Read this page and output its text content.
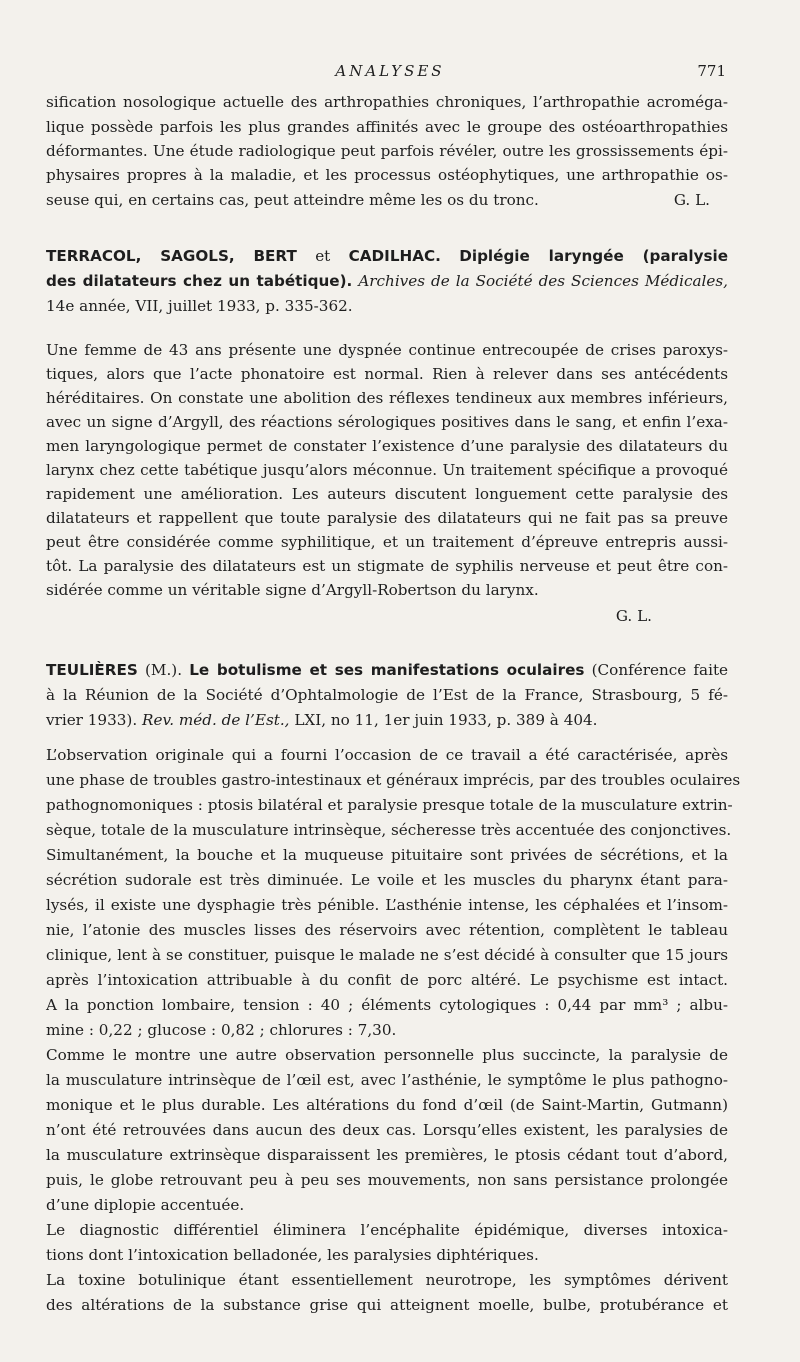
ANALYSES	771
sification nosologique actuelle des arthropathies chroniques, l’arthropathie acroméga-
lique possède parfois les plus grandes affinités avec le groupe des ostéoarthropathies
déformantes. Une étude radiologique peut parfois révéler, outre les grossissements épi-
physaires propres à la maladie, et les processus ostéophytiques, une arthropathie os-
seuse qui, en certains cas, peut atteindre même les os du tronc.	G. L.
TERRACOL, SAGOLS, BERT et CADILHAC. Diplégie laryngée (paralysie
des dilatateurs chez un tabétique). Archives de la Société des Sciences Médicales,
14e année, VII, juillet 1933, p. 335-362.
Une femme de 43 ans présente une dyspnée continue entrecoupée de crises paroxys-
tiques, alors que l’acte phonatoire est normal. Rien à relever dans ses antécédents
héréditaires. On constate une abolition des réflexes tendineux aux membres inférieurs,
avec un signe d’Argyll, des réactions sérologiques positives dans le sang, et enfin l’exa-
men laryngologique permet de constater l’existence d’une paralysie des dilatateurs du
larynx chez cette tabétique jusqu’alors méconnue. Un traitement spécifique a provoqué
rapidement une amélioration. Les auteurs discutent longuement cette paralysie des
dilatateurs et rappellent que toute paralysie des dilatateurs qui ne fait pas sa preuve
peut être considérée comme syphilitique, et un traitement d’épreuve entrepris aussi-
tôt. La paralysie des dilatateurs est un stigmate de syphilis nerveuse et peut être con-
sidérée comme un véritable signe d’Argyll-Robertson du larynx.
G. L.
TEULIÈRES (M.). Le botulisme et ses manifestations oculaires (Conférence faite
à la Réunion de la Société d’Ophtalmologie de l’Est de la France, Strasbourg, 5 fé-
vrier 1933). Rev. méd. de l’Est., LXI, no 11, 1er juin 1933, p. 389 à 404.
L’observation originale qui a fourni l’occasion de ce travail a été caractérisée, après
une phase de troubles gastro-intestinaux et généraux imprécis, par des troubles oculaires
pathognomoniques : ptosis bilatéral et paralysie presque totale de la musculature extrin-
sèque, totale de la musculature intrinsèque, sécheresse très accentuée des conjonctives.
Simultanément, la bouche et la muqueuse pituitaire sont privées de sécrétions, et la
sécrétion sudorale est très diminuée. Le voile et les muscles du pharynx étant para-
lysés, il existe une dysphagie très pénible. L’asthénie intense, les céphalées et l’insom-
nie, l’atonie des muscles lisses des réservoirs avec rétention, complètent le tableau
clinique, lent à se constituer, puisque le malade ne s’est décidé à consulter que 15 jours
après l’intoxication attribuable à du confit de porc altéré. Le psychisme est intact.
A la ponction lombaire, tension : 40 ; éléments cytologiques : 0,44 par mm³ ; albu-
mine : 0,22 ; glucose : 0,82 ; chlorures : 7,30.
Comme le montre une autre observation personnelle plus succincte, la paralysie de
la musculature intrinsèque de l’œil est, avec l’asthénie, le symptôme le plus pathogno-
monique et le plus durable. Les altérations du fond d’œil (de Saint-Martin, Gutmann)
n’ont été retrouvées dans aucun des deux cas. Lorsqu’elles existent, les paralysies de
la musculature extrinsèque disparaissent les premières, le ptosis cédant tout d’abord,
puis, le globe retrouvant peu à peu ses mouvements, non sans persistance prolongée
d’une diplopie accentuée.
Le diagnostic différentiel éliminera l’encéphalite épidémique, diverses intoxica-
tions dont l’intoxication belladonée, les paralysies diphtériques.
La toxine botulinique étant essentiellement neurotrope, les symptômes dérivent
des altérations de la substance grise qui atteignent moelle, bulbe, protubérance et
